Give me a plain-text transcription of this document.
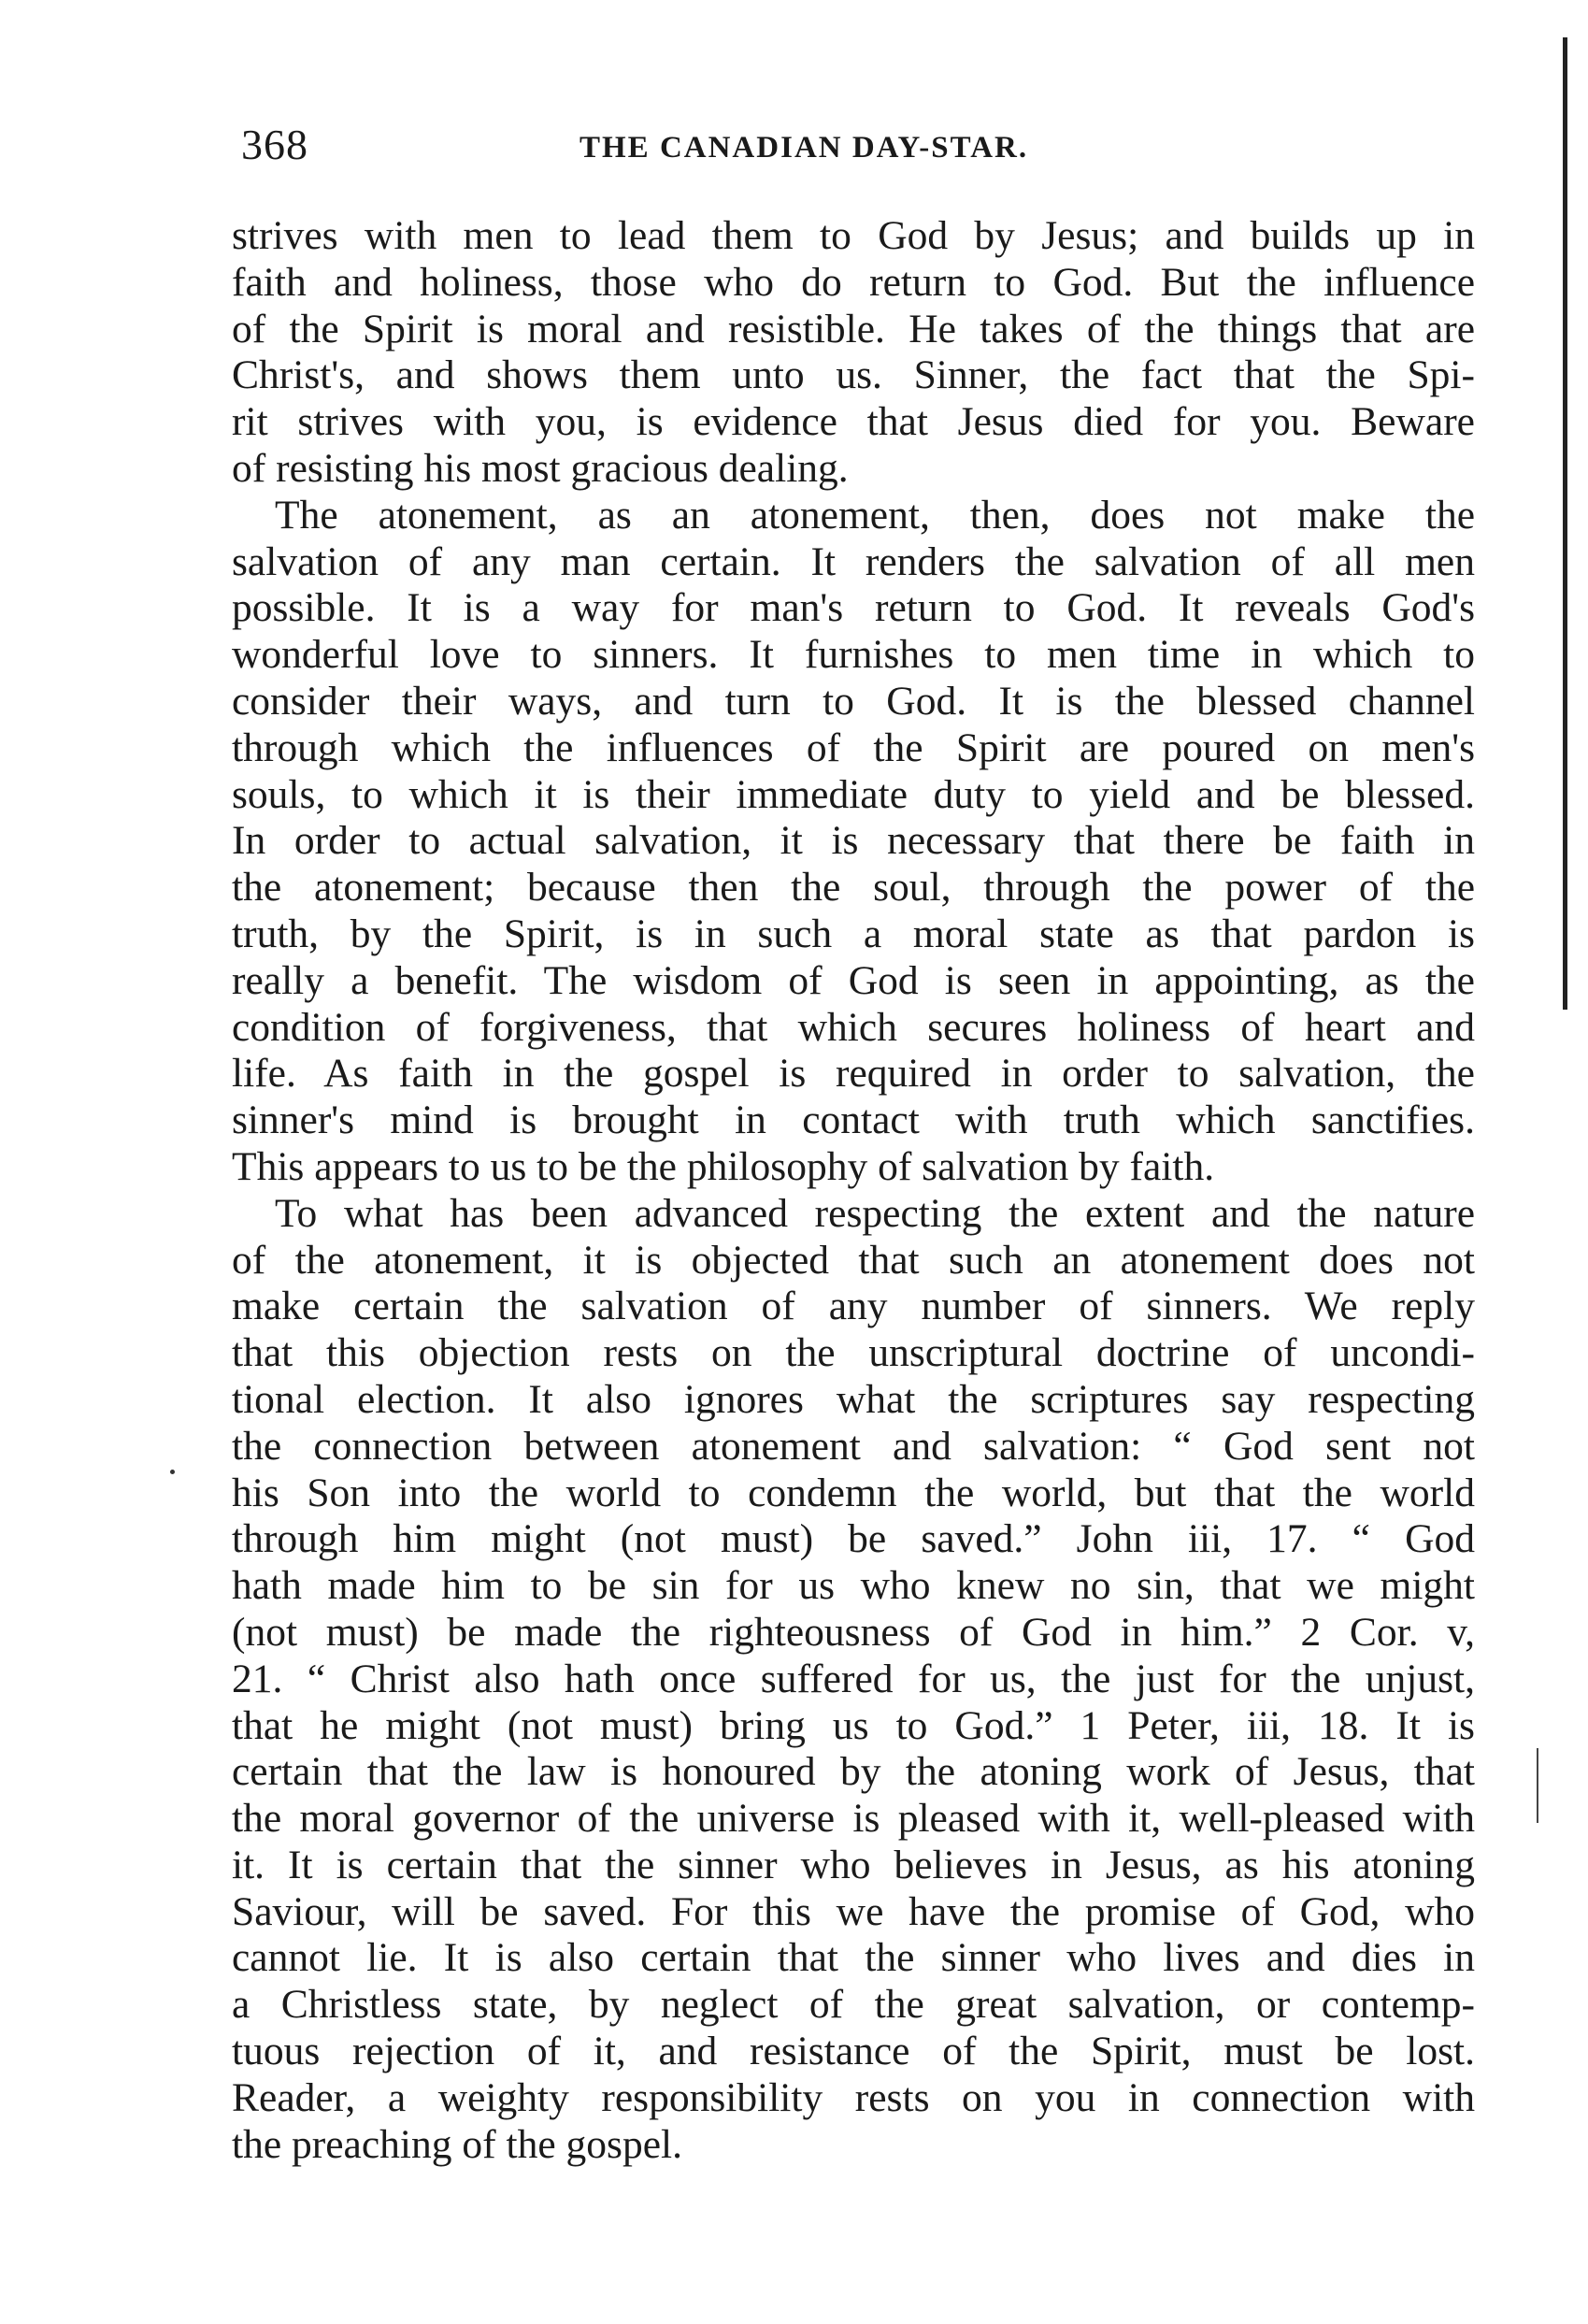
368	THE CANADIAN DAY-STAR.
strives with men to lead them to God by Jesus; and builds up in
faith and holiness, those who do return to God. But the influence
of the Spirit is moral and resistible. He takes of the things that are
Christ's, and shows them unto us. Sinner, the fact that the Spi-
rit strives with you, is evidence that Jesus died for you. Beware
of resisting his most gracious dealing.
The atonement, as an atonement, then, does not make the
salvation of any man certain. It renders the salvation of all men
possible. It is a way for man's return to God. It reveals God's
wonderful love to sinners. It furnishes to men time in which to
consider their ways, and turn to God. It is the blessed channel
through which the influences of the Spirit are poured on men's
souls, to which it is their immediate duty to yield and be blessed.
In order to actual salvation, it is necessary that there be faith in
the atonement; because then the soul, through the power of the
truth, by the Spirit, is in such a moral state as that pardon is
really a benefit. The wisdom of God is seen in appointing, as the
condition of forgiveness, that which secures holiness of heart and
life. As faith in the gospel is required in order to salvation, the
sinner's mind is brought in contact with truth which sanctifies.
This appears to us to be the philosophy of salvation by faith.
To what has been advanced respecting the extent and the nature
of the atonement, it is objected that such an atonement does not
make certain the salvation of any number of sinners. We reply
that this objection rests on the unscriptural doctrine of uncondi-
tional election. It also ignores what the scriptures say respecting
the connection between atonement and salvation: “ God sent not
his Son into the world to condemn the world, but that the world
through him might (not must) be saved.” John iii, 17. “ God
hath made him to be sin for us who knew no sin, that we might
(not must) be made the righteousness of God in him.” 2 Cor. v,
21. “ Christ also hath once suffered for us, the just for the unjust,
that he might (not must) bring us to God.” 1 Peter, iii, 18. It is
certain that the law is honoured by the atoning work of Jesus, that
the moral governor of the universe is pleased with it, well-pleased with
it. It is certain that the sinner who believes in Jesus, as his atoning
Saviour, will be saved. For this we have the promise of God, who
cannot lie. It is also certain that the sinner who lives and dies in
a Christless state, by neglect of the great salvation, or contemp-
tuous rejection of it, and resistance of the Spirit, must be lost.
Reader, a weighty responsibility rests on you in connection with
the preaching of the gospel.
